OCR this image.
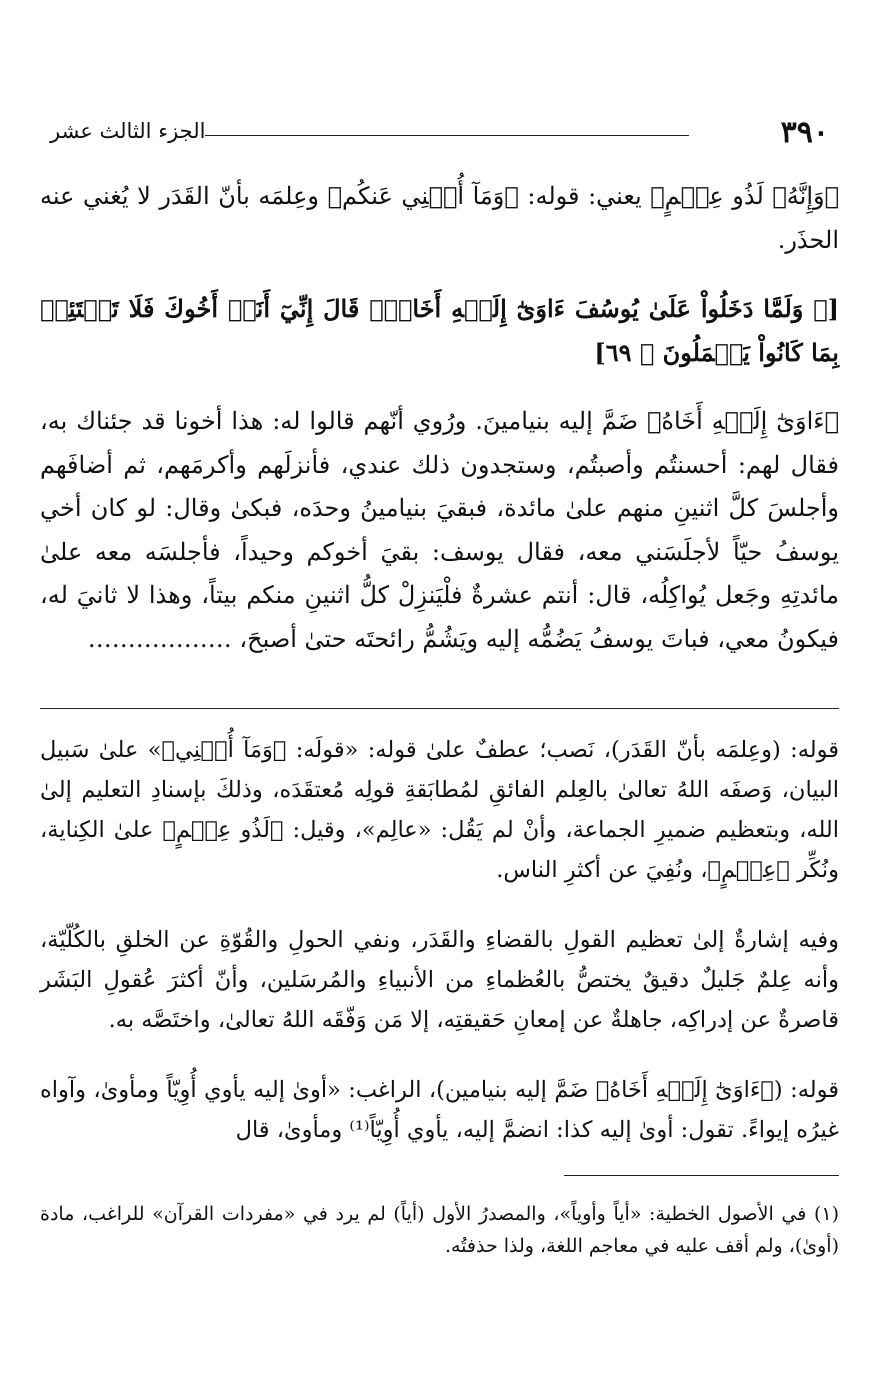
٣٩٠
الجزء الثالث عشر

﴿وَإِنَّهُۥ لَذُو عِلۡمٍ﴾ يعني: قوله: ﴿وَمَآ أُغۡنِي عَنكُم﴾ وعِلمَه بأنّ القَدَر لا يُغني عنه الحذَر.

[﴿ وَلَمَّا دَخَلُواْ عَلَىٰ يُوسُفَ ءَاوَىٰٓ إِلَيۡهِ أَخَاهُۖ قَالَ إِنِّيٓ أَنَا۠ أَخُوكَ فَلَا تَبۡتَئِسۡ بِمَا كَانُواْ يَعۡمَلُونَ ﴾ ٦٩]

﴿ءَاوَىٰٓ إِلَيۡهِ أَخَاهُ﴾ ضَمَّ إليه بنيامينَ. ورُوي أنّهم قالوا له: هذا أخونا قد جئناك به، فقال لهم: أحسنتُم وأصبتُم، وستجدون ذلك عندي، فأنزلَهم وأكرمَهم، ثم أضافَهم وأجلسَ كلَّ اثنينِ منهم علىٰ مائدة، فبقيَ بنيامينُ وحدَه، فبكىٰ وقال: لو كان أخي يوسفُ حيّاً لأجلَسَني معه، فقال يوسف: بقيَ أخوكم وحيداً، فأجلسَه معه علىٰ مائدتِهِ وجَعل يُواكِلُه، قال: أنتم عشرةٌ فلْيَنزِلْ كلُّ اثنينِ منكم بيتاً، وهذا لا ثانيَ له، فيكونُ معي، فباتَ يوسفُ يَضُمُّه إليه ويَشُمُّ رائحتَه حتىٰ أصبحَ، ………………

قوله: (وعِلمَه بأنّ القَدَر)، نَصب؛ عطفٌ علىٰ قوله: «قولَه: ﴿وَمَآ أُغۡنِي﴾» علىٰ سَبيل البيان، وَصفَه اللهُ تعالىٰ بالعِلم الفائقِ لمُطابَقةِ قولِه مُعتقَدَه، وذلكَ بإسنادِ التعليم إلىٰ الله، وبتعظيم ضميرِ الجماعة، وأنْ لم يَقُل: «عالِم»، وقيل: ﴿لَذُو عِلۡمٍ﴾ علىٰ الكِناية، ونُكِّر ﴿عِلۡمٍ﴾، ونُفِيَ عن أكثرِ الناس.

وفيه إشارةٌ إلىٰ تعظيم القولِ بالقضاءِ والقَدَر، ونفي الحولِ والقُوّةِ عن الخلقِ بالكُلّيّة، وأنه عِلمٌ جَليلٌ دقيقٌ يختصُّ بالعُظماءِ من الأنبياءِ والمُرسَلين، وأنّ أكثرَ عُقولِ البَشَر قاصرةٌ عن إدراكِه، جاهلةٌ عن إمعانِ حَقيقتِه، إلا مَن وَفّقَه اللهُ تعالىٰ، واختَصَّه به.

قوله: (﴿ءَاوَىٰٓ إِلَيۡهِ أَخَاهُ﴾ ضَمَّ إليه بنيامين)، الراغب: «أوىٰ إليه يأوي أُوِيّاً ومأوىٰ، وآواه غيرُه إيواءً. تقول: أوىٰ إليه كذا: انضمَّ إليه، يأوي أُوِيّاً⁽¹⁾ ومأوىٰ، قال

(١) في الأصول الخطية: «أياً وأوياً»، والمصدرُ الأول (أياً) لم يرد في «مفردات القرآن» للراغب، مادة (أوىٰ)، ولم أقف عليه في معاجم اللغة، ولذا حذفتُه.
